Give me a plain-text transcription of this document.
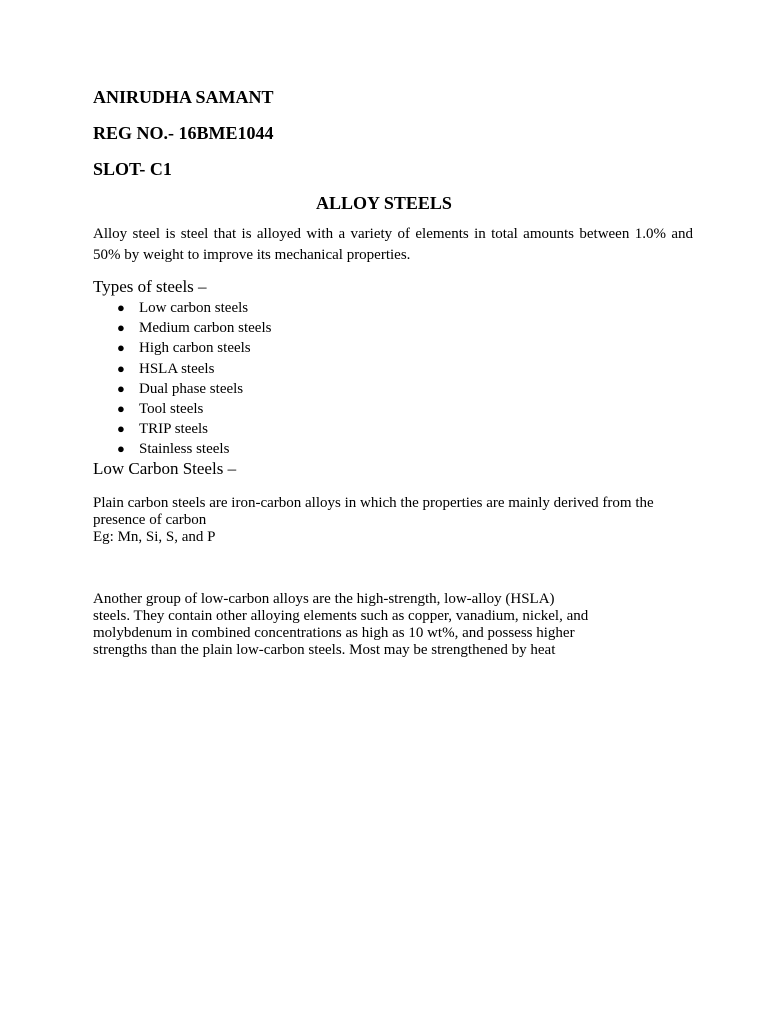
ANIRUDHA SAMANT

REG NO.- 16BME1044

SLOT- C1

ALLOY STEELS

Alloy steel is steel that is alloyed with a variety of elements in total amounts between 1.0% and 50% by weight to improve its mechanical properties.

Types of steels –

● Low carbon steels
● Medium carbon steels
● High carbon steels
● HSLA steels
● Dual phase steels
● Tool steels
● TRIP steels
● Stainless steels

Low Carbon Steels –

Plain carbon steels are iron-carbon alloys in which the properties are mainly derived from the
presence of carbon
Eg: Mn, Si, S, and P
Another group of low-carbon alloys are the high-strength, low-alloy (HSLA)
steels. They contain other alloying elements such as copper, vanadium, nickel, and
molybdenum in combined concentrations as high as 10 wt%, and possess higher
strengths than the plain low-carbon steels. Most may be strengthened by heat
